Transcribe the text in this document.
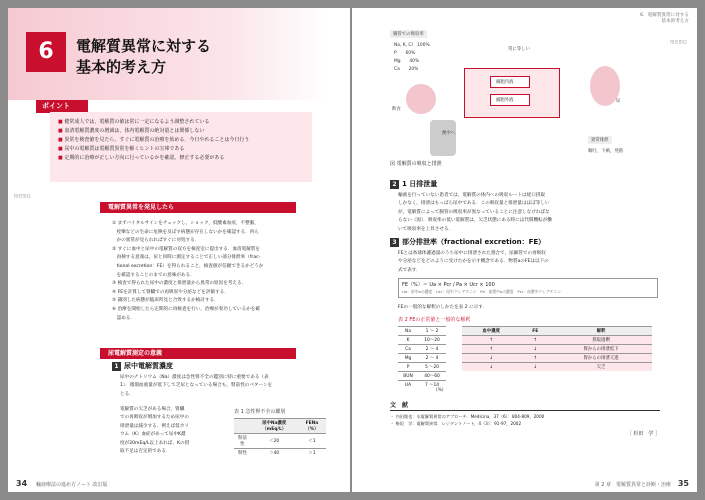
6	電解質異常に対する
基本的考え方
memo
ポイント
■ 健常成人では，電解質の値は常に一定になるよう調整されている
■ 血清電解質濃度の増減は，体内電解質の絶対量とは関係しない
■ 異常を検査値を見たら，すぐに電解質の治療を始める．今日やれることは今日行う
■ 尿中の電解質は電解質異常を解くヒントの宝庫である
■ 定期的に治療が正しい方向に行っているかを確認，修正する必要がある
電解質異常を発見したら

① まずバイタルサインをチェックし，ショック，低酸素血症，不整脈，

　痙攣などの生命に危険を及ぼす病態が存在しないかを確認する．何ら

　かの異常が見られればすぐに対処する．

② すぐに血中と尿中の電解質の双方を検査室に提出する．血清電解質を

　再検する意義は，尿と同時に測定することで正しい部分排泄率（frac-

　tional excretion：FE）を得られること，検査値が信頼できるかどうか

　を確認することのまでの意味がある．

③ 検査で得られた尿中の濃度と排泄量から異常の原因を考える．

④ FEを計算して腎臓での再吸収や分泌などを評価する．

⑤ 識別した病態が臨床所見と合致するか検討する．

⑥ 治療を開始したら定期的に再検査を行い，治療が奏功しているかを確

　認める．

尿電解質測定の意義
1 尿中電解質濃度
尿中のナトリウム（Na）濃度は急性腎不全の鑑別に特に重要である（表
1）．循環血液量が低下して乏尿となっている場合も，腎前性のパターンを
とる．
電解質の欠乏がある場合，腎臓
での再吸収が増加するため尿中の
排泄量は減少する．例えば低カリ
ウム（K）血症があって尿中K濃
度が20mEq/L以上あれば，Kの摂
取不足は否定的である．
表 1 急性腎不全の鑑別
	尿中Na濃度（mEq/L）	FENa（%）
腎前性	＜20	＜1
腎性	＞40	＞1
34 輸液療法の進め方ノート 改訂版
6．電解質異常に対する
基本的考え方
memo
腸管での吸収率
Na, K, Cl　 100%
P　　 60%
Mg　　 40%
Ca　　 20%
常に等しい
細胞内液
細胞外液
飲食
尿
便中へ
異常排泄
嘔吐，下痢，発熱
図 電解質の吸収と排泄
2 1 日排泄量
輸液を行っていない患者では，電解質の体内への吸収ルートは経口摂取
しかなく，排泄はもっぱら尿中である．この吸収量と排泄量はほぼ等しい
が，電解質によって腸管の吸収率が異なっていることに注意しなければな
らない（図）．吸収率の低い電解質は，欠乏状態にある時には代償機転が働
いて吸収率を上昇させる．
3 部分排泄率（fractional excretion：FE）
FEとは糸球体濾過量のうち尿中に排泄された割合で，尿細管での再吸収
や分泌などをどのように受けたかを示す概念である．物質aのFEは以下の
式で表す．
FE（%）＝ Ua × Pcr / Pa × Ucr × 100
Ua：尿中aの濃度　Ucr：尿中クレアチニン　Pa：血漿中aの濃度　Pcr：血漿中クレアチニン
FEの一般的な解釈のしかたを表 2 に示す．
表 2 FEの正常値と一般的な解釈
Na	1 〜 2
K	10〜20
Ca	2 〜 4
Mg	2 〜 4
P	5 〜20
BUN	40〜60
UA	7 〜14
(%)
血中濃度	FE	解釈
↑	↑	摂取過剰
↑	↓	腎からの排泄低下
↓	↑	腎からの排泄亢進
↓	↓	欠乏
文　献
・ 内田俊也：水電解質異常のアプローチ．Medicina，37（6）：804-809，2000
・ 柴垣　学：電解質異常．レジデントノート，4（3）：91-97，2002
［ 杉田　学 ］
第 2 章　電解質異常と診断・治療 35
